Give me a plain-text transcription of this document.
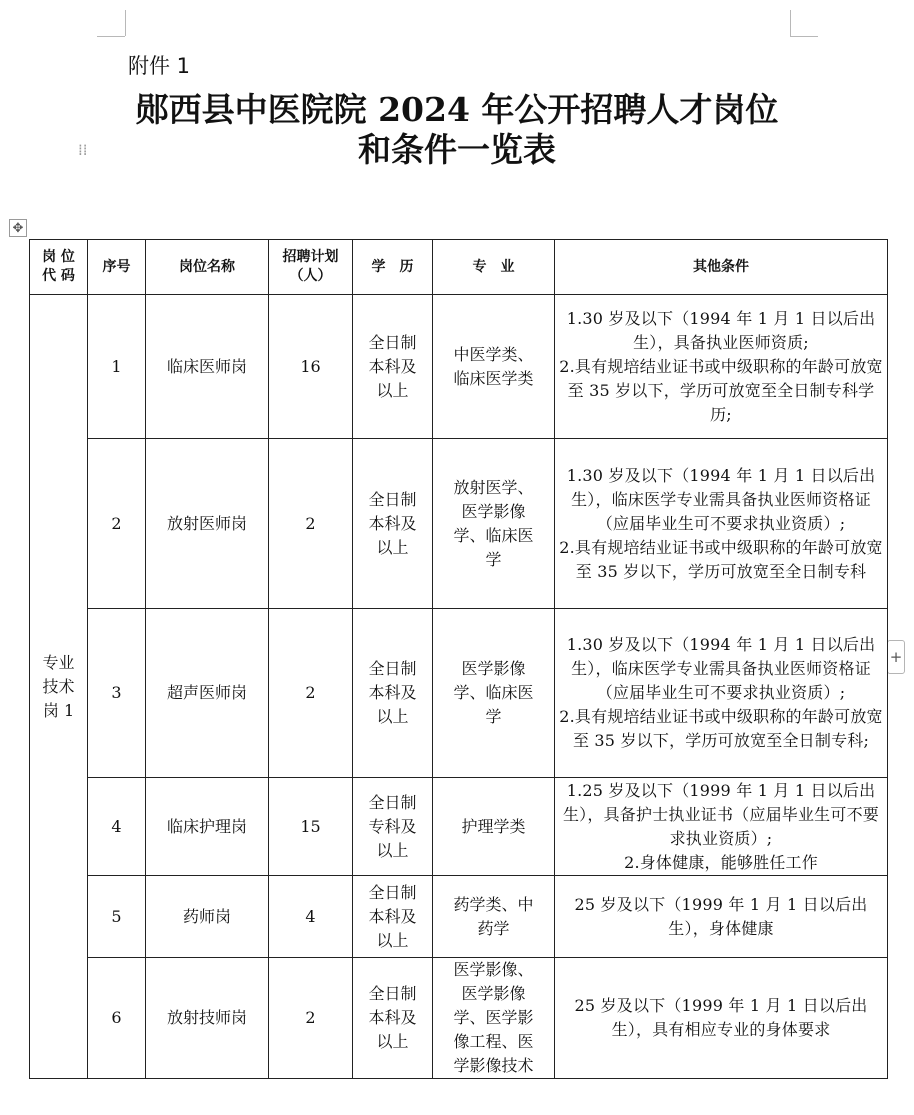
附件 1
郧西县中医院院 2024 年公开招聘人才岗位
和条件一览表
⁞⁞
✥
+
岗 位
代 码	序号	岗位名称	招聘计划
（人）	学　历	专　业	其他条件
专业
技术
岗 1	1	临床医师岗	16	全日制
本科及
以上	中医学类、
临床医学类	1.30 岁及以下（1994 年 1 月 1 日以后出生），具备执业医师资质;
2.具有规培结业证书或中级职称的年龄可放宽至 35 岁以下，学历可放宽至全日制专科学历;
	2	放射医师岗	2	全日制
本科及
以上	放射医学、
医学影像
学、临床医
学	1.30 岁及以下（1994 年 1 月 1 日以后出生），临床医学专业需具备执业医师资格证（应届毕业生可不要求执业资质）;
2.具有规培结业证书或中级职称的年龄可放宽至 35 岁以下，学历可放宽至全日制专科
	3	超声医师岗	2	全日制
本科及
以上	医学影像
学、临床医
学	1.30 岁及以下（1994 年 1 月 1 日以后出生），临床医学专业需具备执业医师资格证（应届毕业生可不要求执业资质）;
2.具有规培结业证书或中级职称的年龄可放宽至 35 岁以下，学历可放宽至全日制专科;
	4	临床护理岗	15	全日制
专科及
以上	护理学类	1.25 岁及以下（1999 年 1 月 1 日以后出生），具备护士执业证书（应届毕业生可不要求执业资质）;
2.身体健康，能够胜任工作
	5	药师岗	4	全日制
本科及
以上	药学类、中
药学	25 岁及以下（1999 年 1 月 1 日以后出生），身体健康
	6	放射技师岗	2	全日制
本科及
以上	医学影像、
医学影像
学、医学影
像工程、医
学影像技术	25 岁及以下（1999 年 1 月 1 日以后出生），具有相应专业的身体要求
